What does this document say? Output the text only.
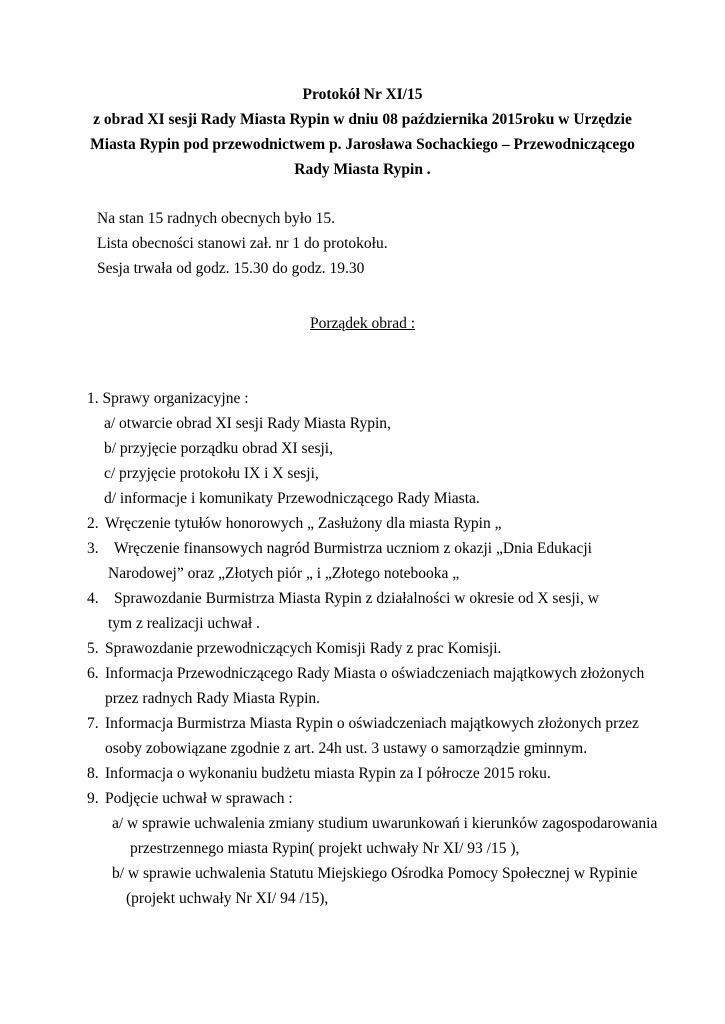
Protokół Nr XI/15
z obrad XI sesji Rady Miasta Rypin w dniu 08 października 2015roku w Urzędzie
Miasta Rypin pod przewodnictwem p. Jarosława Sochackiego – Przewodniczącego
Rady Miasta Rypin .
Na stan 15 radnych obecnych było 15.
Lista obecności stanowi zał. nr 1 do protokołu.
Sesja trwała od godz. 15.30 do godz. 19.30
Porządek obrad :
1. Sprawy organizacyjne :
a/ otwarcie obrad XI sesji Rady Miasta Rypin,
b/ przyjęcie porządku obrad XI sesji,
c/ przyjęcie protokołu IX i X sesji,
d/ informacje i komunikaty Przewodniczącego Rady Miasta.
2. Wręczenie tytułów honorowych „ Zasłużony dla miasta Rypin „
3. Wręczenie finansowych nagród Burmistrza uczniom z okazji „Dnia Edukacji
Narodowej” oraz „Złotych piór „ i „Złotego notebooka „
4. Sprawozdanie Burmistrza Miasta Rypin z działalności w okresie od X sesji, w
tym z realizacji uchwał .
5. Sprawozdanie przewodniczących Komisji Rady z prac Komisji.
6. Informacja Przewodniczącego Rady Miasta o oświadczeniach majątkowych złożonych
przez radnych Rady Miasta Rypin.
7. Informacja Burmistrza Miasta Rypin o oświadczeniach majątkowych złożonych przez
osoby zobowiązane zgodnie z art. 24h ust. 3 ustawy o samorządzie gminnym.
8. Informacja o wykonaniu budżetu miasta Rypin za I półrocze 2015 roku.
9. Podjęcie uchwał w sprawach :
a/ w sprawie uchwalenia zmiany studium uwarunkowań i kierunków zagospodarowania
przestrzennego miasta Rypin( projekt uchwały Nr XI/ 93 /15 ),
b/ w sprawie uchwalenia Statutu Miejskiego Ośrodka Pomocy Społecznej w Rypinie
(projekt uchwały Nr XI/ 94 /15),
